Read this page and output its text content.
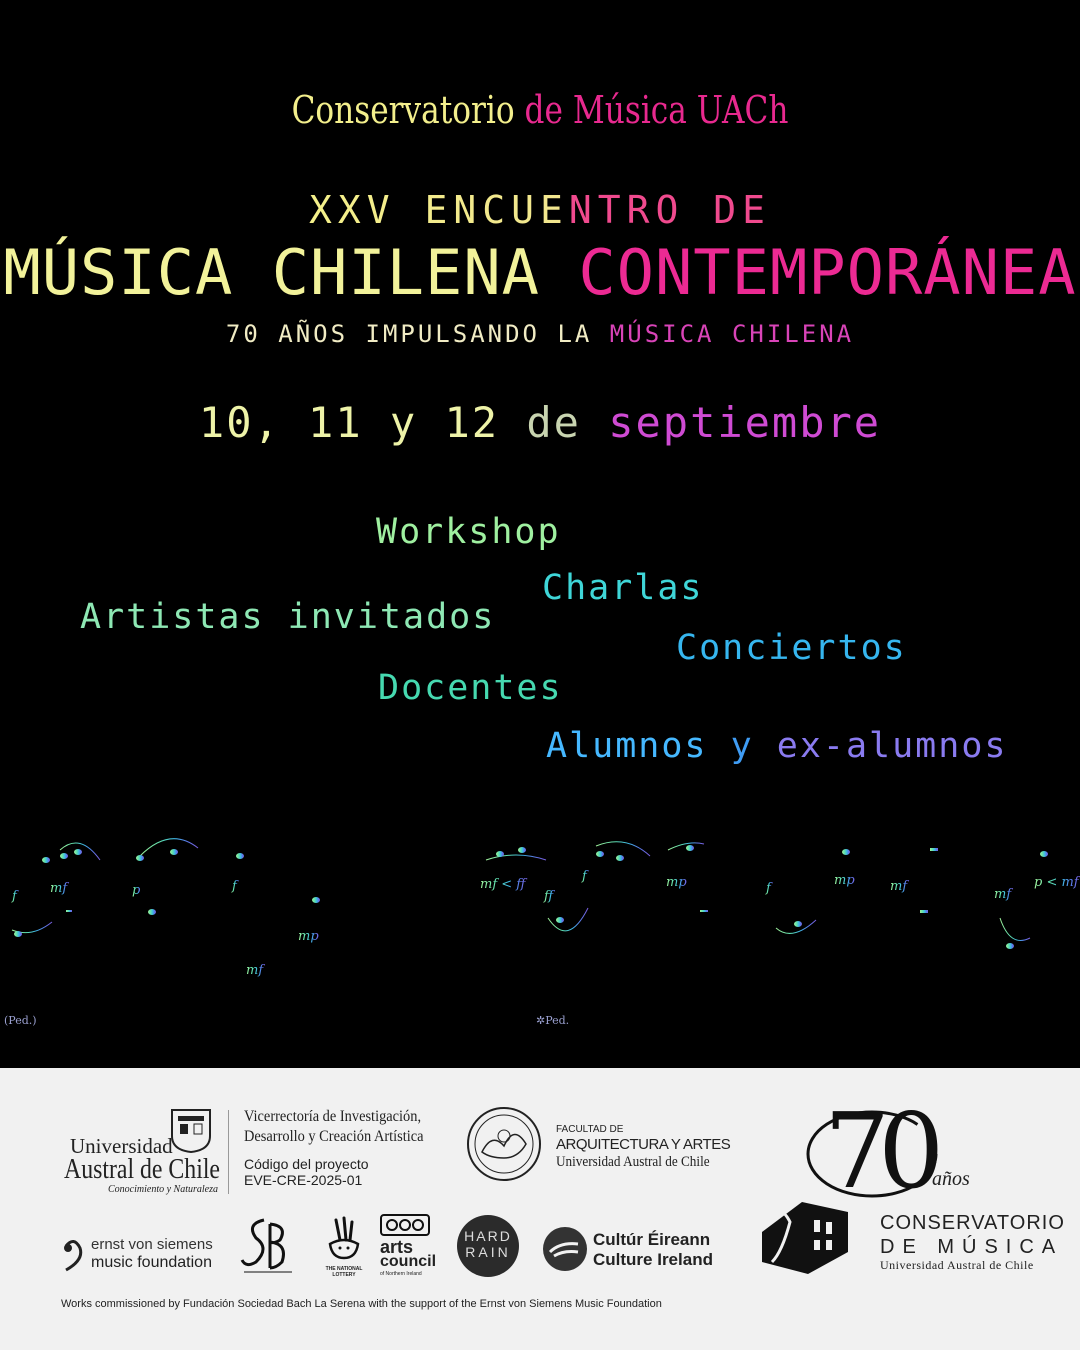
Conservatorio de Música UACh
XXV ENCUENTRO DE
MÚSICA CHILENA CONTEMPORÁNEA
70 AÑOS IMPULSANDO LA MÚSICA CHILENA
10, 11 y 12 de septiembre
Workshop
Charlas
Artistas invitados
Conciertos
Docentes
Alumnos y ex-alumnos
mf
f	p	f
mp
mf < ff
f
ff
mp	f
mp	mf
mf
p < mf
mf
(Ped.)	✲Ped.
Universidad
Austral de Chile
Conocimiento y Naturaleza
Vicerrectoría de Investigación,
Desarrollo y Creación Artística
Código del proyecto
EVE-CRE-2025-01
FACULTAD DE
ARQUITECTURA Y ARTES
Universidad Austral de Chile
ernst von siemens
music foundation	THE NATIONAL LOTTERY
arts
council
of Northern Ireland
HARD
RAIN
Cultúr Éireann
Culture Ireland
Works commissioned by Fundación Sociedad Bach La Serena with the support of the Ernst von Siemens Music Foundation
70 años
CONSERVATORIO
DE MÚSICA
Universidad Austral de Chile
